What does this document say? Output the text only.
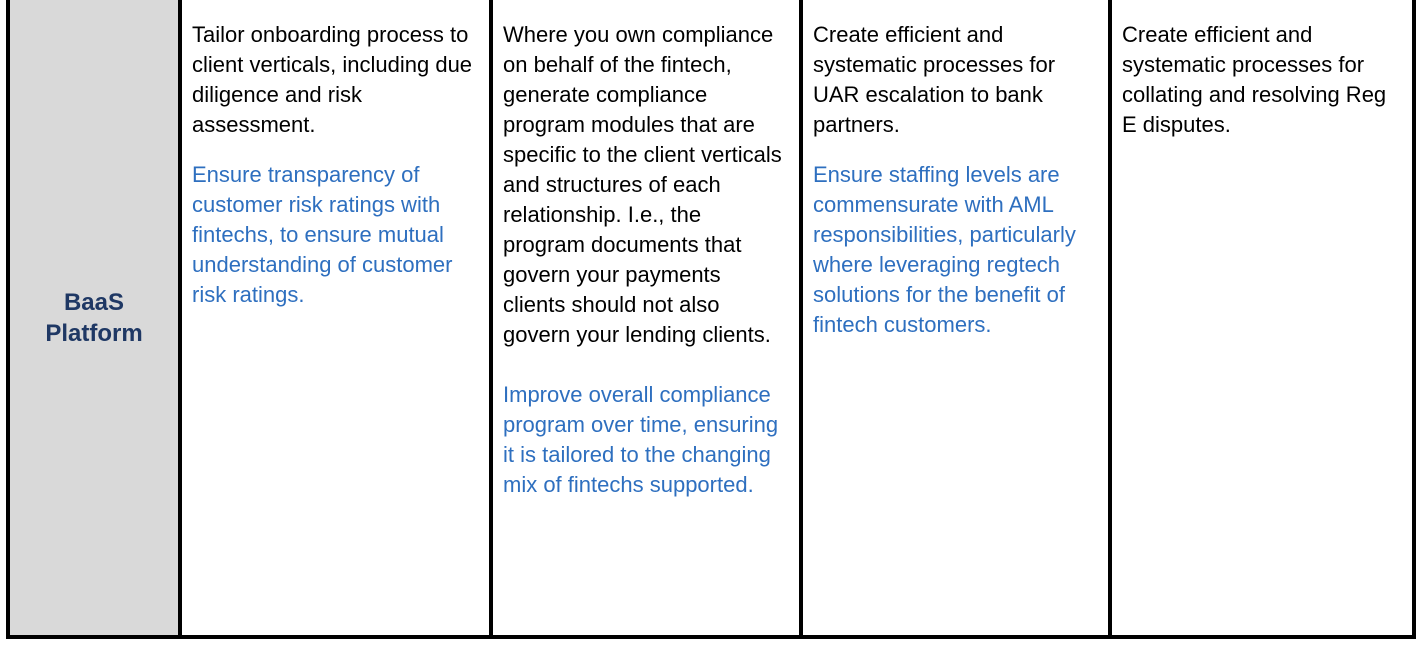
BaaS Platform

Tailor onboarding process to client verticals, including due diligence and risk assessment.

Ensure transparency of customer risk ratings with fintechs, to ensure mutual understanding of customer risk ratings.

Where you own compliance on behalf of the fintech, generate compliance program modules that are specific to the client verticals and structures of each relationship. I.e., the program documents that govern your payments clients should not also govern your lending clients.

Improve overall compliance program over time, ensuring it is tailored to the changing mix of fintechs supported.

Create efficient and systematic processes for UAR escalation to bank partners.

Ensure staffing levels are commensurate with AML responsibilities, particularly where leveraging regtech solutions for the benefit of fintech customers.

Create efficient and systematic processes for collating and resolving Reg E disputes.
